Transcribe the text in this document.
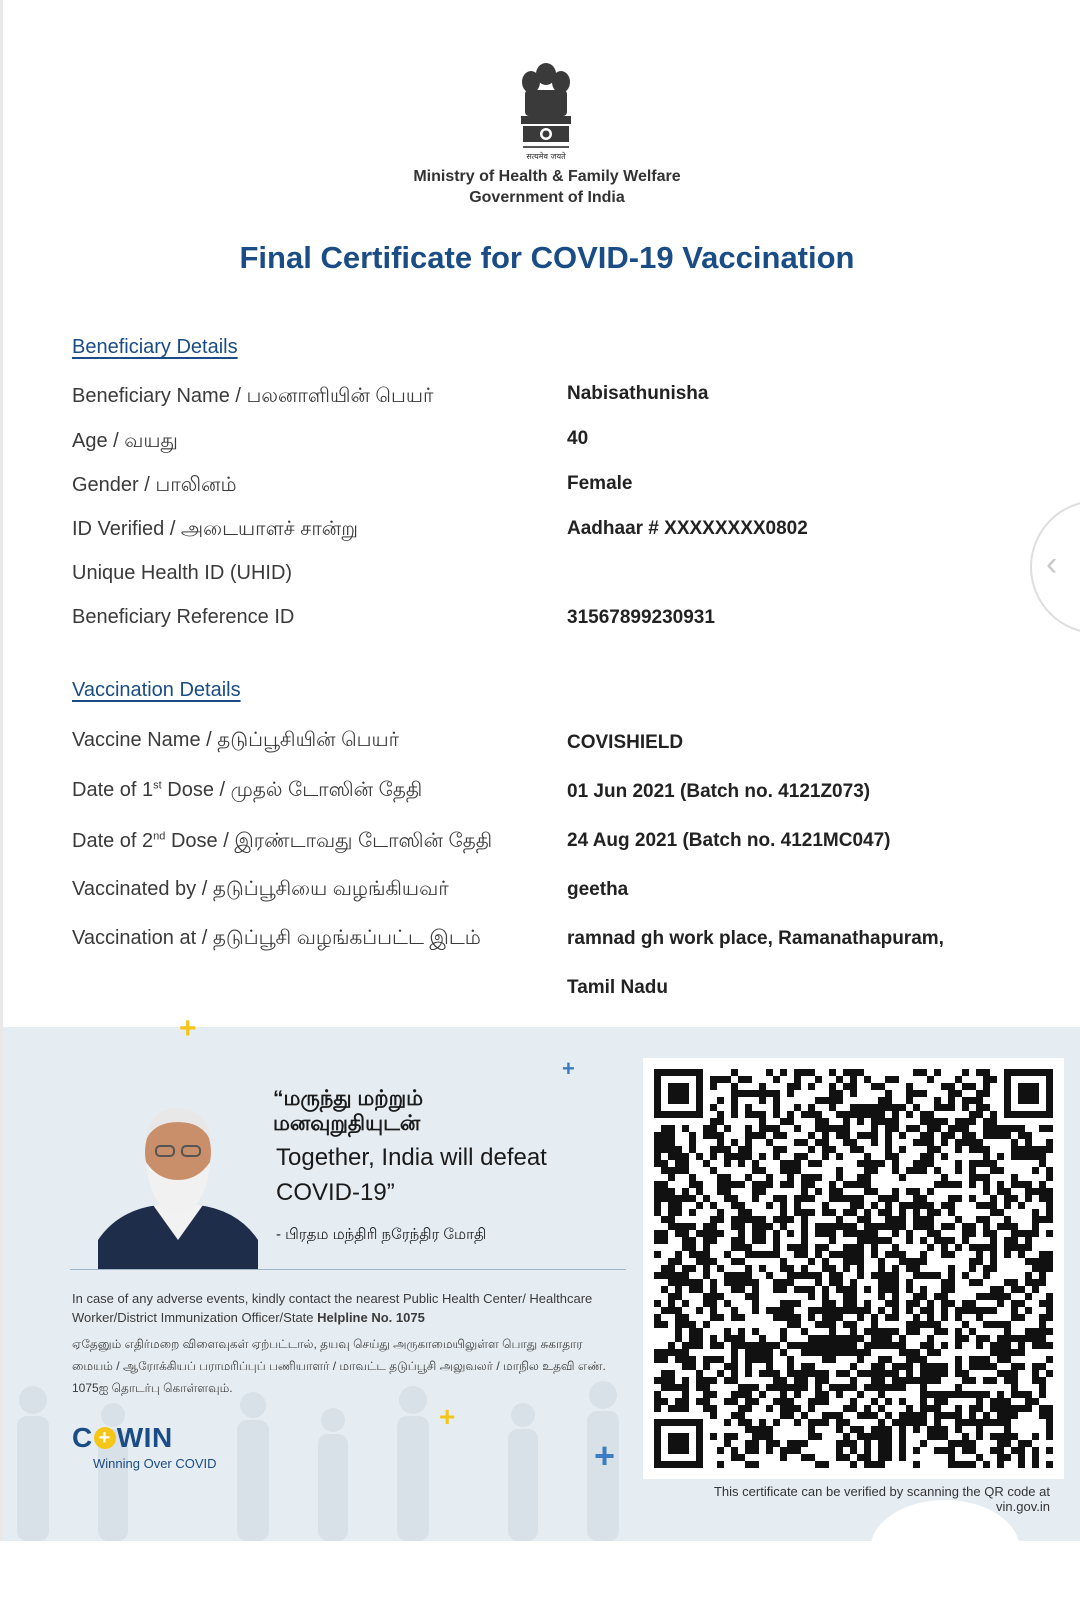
सत्यमेव जयते
Ministry of Health & Family Welfare
Government of India
Final Certificate for COVID-19 Vaccination
Beneficiary Details
Beneficiary Name / பலனாளியின் பெயர்	Nabisathunisha
Age / வயது	40
Gender / பாலினம்	Female
ID Verified / அடையாளச் சான்று	Aadhaar # XXXXXXXX0802
Unique Health ID (UHID)
Beneficiary Reference ID	31567899230931
‹
Vaccination Details
Vaccine Name / தடுப்பூசியின் பெயர்	COVISHIELD
Date of 1st Dose / முதல் டோஸின் தேதி	01 Jun 2021 (Batch no. 4121Z073)
Date of 2nd Dose / இரண்டாவது டோஸின் தேதி	24 Aug 2021 (Batch no. 4121MC047)
Vaccinated by / தடுப்பூசியை வழங்கியவர்	geetha
Vaccination at / தடுப்பூசி வழங்கப்பட்ட இடம்	ramnad gh work place, Ramanathapuram,
Tamil Nadu
+
+
+
+
“மருந்து மற்றும் மனவுறுதியுடன்
Together, India will defeat COVID-19”
- பிரதம மந்திரி நரேந்திர மோதி
In case of any adverse events, kindly contact the nearest Public Health Center/ Healthcare Worker/District Immunization Officer/State Helpline No. 1075
ஏதேனும் எதிர்மறை விளைவுகள் ஏற்பட்டால், தயவு செய்து அருகாமையிலுள்ள பொது சுகாதார மையம் / ஆரோக்கியப் பராமரிப்புப் பணியாளர் / மாவட்ட தடுப்பூசி அலுவலர் / மாநில உதவி எண். 1075ஐ தொடர்பு கொள்ளவும்.
C + WIN
Winning Over COVID
This certificate can be verified by scanning the QR code at
vin.gov.in
